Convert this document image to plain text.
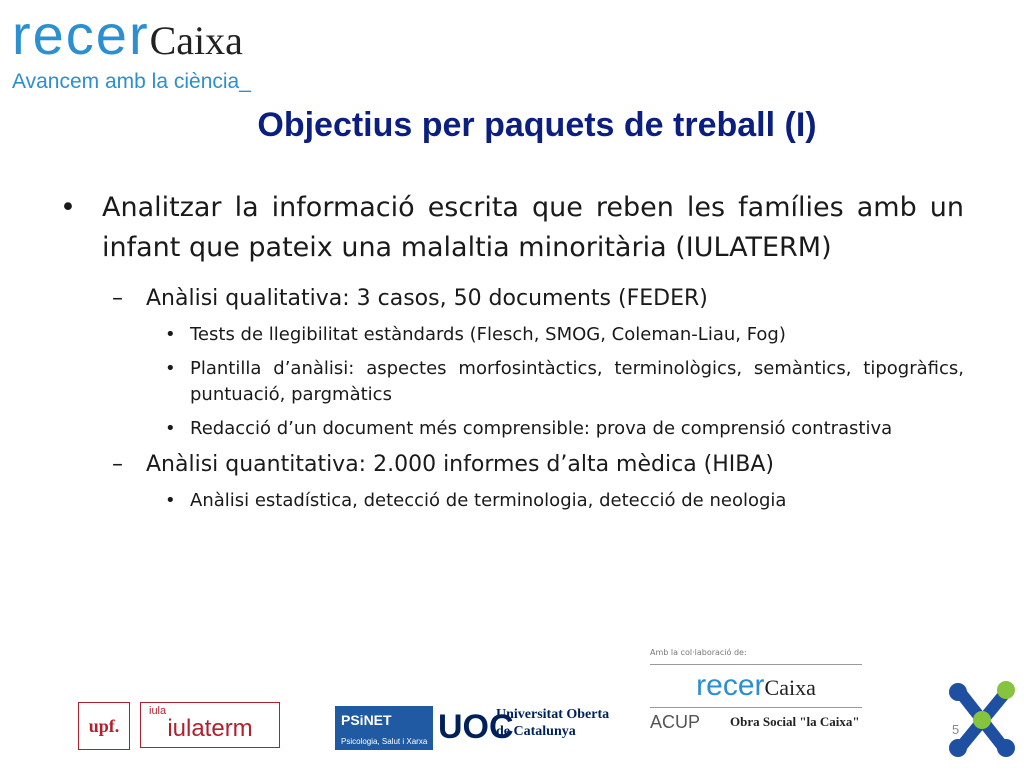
recerCaixa
Avancem amb la ciència_
Objectius per paquets de treball (I)
• Analitzar la informació escrita que reben les famílies amb un infant que pateix una malaltia minoritària (IULATERM)
– Anàlisi qualitativa: 3 casos, 50 documents (FEDER)
• Tests de llegibilitat estàndards (Flesch, SMOG, Coleman-Liau, Fog)
• Plantilla d’anàlisi: aspectes morfosintàctics, terminològics, semàntics, tipogràfics, puntuació, pargmàtics
• Redacció d’un document més comprensible: prova de comprensió contrastiva
– Anàlisi quantitativa: 2.000 informes d’alta mèdica (HIBA)
• Anàlisi estadística, detecció de terminologia, detecció de neologia
upf.
iula
iulaterm	PSiNET
Psicologia, Salut i Xarxa UOC
Universitat Oberta
de Catalunya
Amb la col·laboració de:
recerCaixa
ACUP Obra Social "la Caixa"
5
